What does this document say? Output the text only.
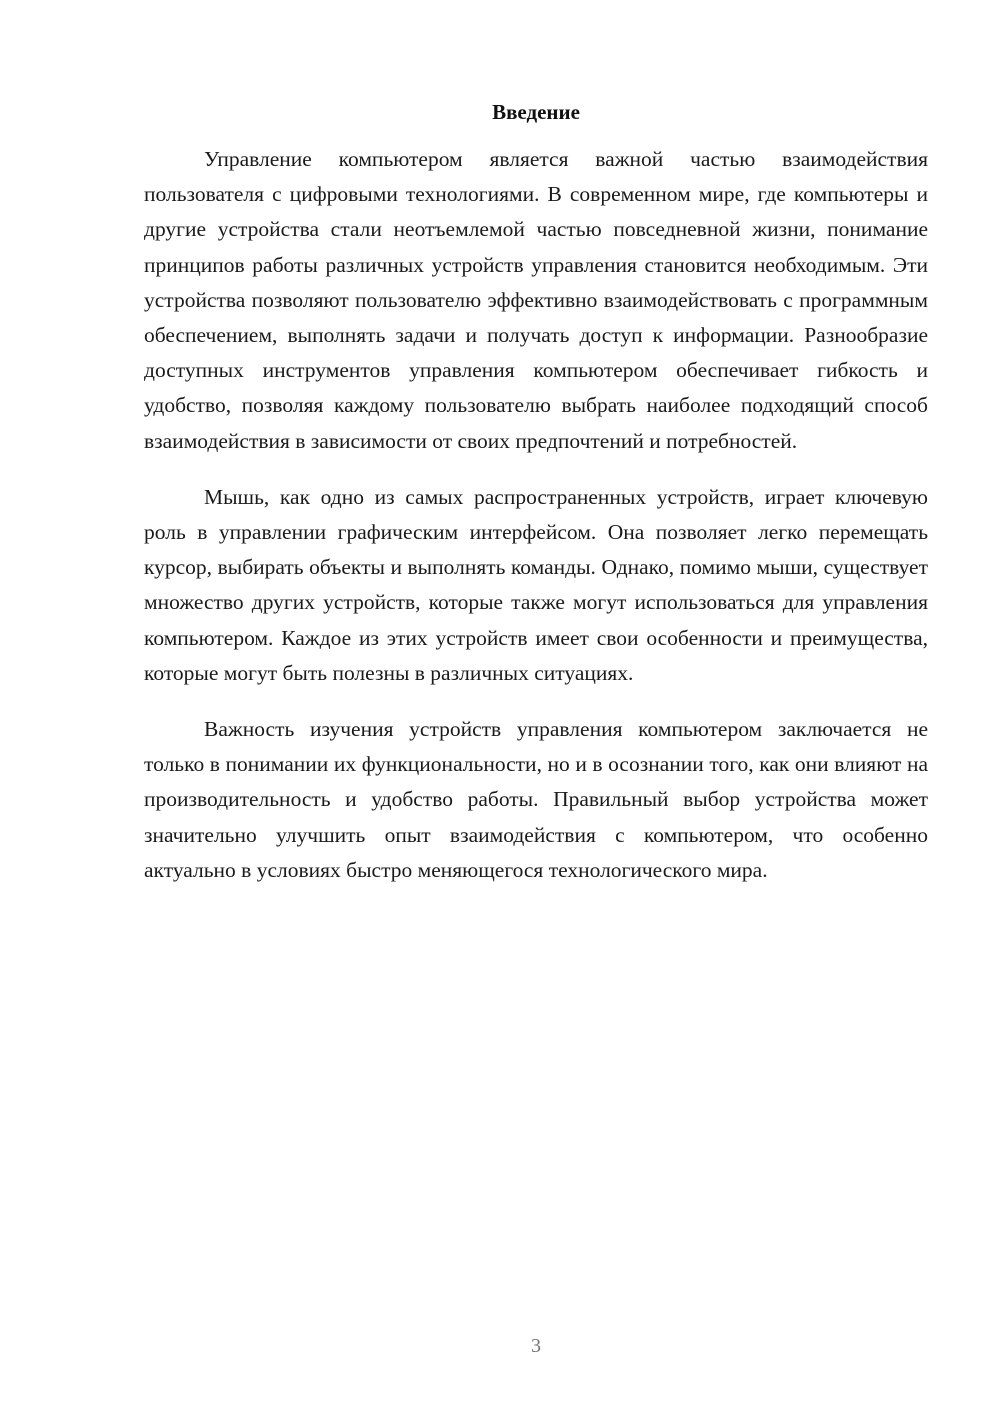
Введение

Управление компьютером является важной частью взаимодействия пользователя с цифровыми технологиями. В современном мире, где компьютеры и другие устройства стали неотъемлемой частью повседневной жизни, понимание принципов работы различных устройств управления становится необходимым. Эти устройства позволяют пользователю эффективно взаимодействовать с программным обеспечением, выполнять задачи и получать доступ к информации. Разнообразие доступных инструментов управления компьютером обеспечивает гибкость и удобство, позволяя каждому пользователю выбрать наиболее подходящий способ взаимодействия в зависимости от своих предпочтений и потребностей.

Мышь, как одно из самых распространенных устройств, играет ключевую роль в управлении графическим интерфейсом. Она позволяет легко перемещать курсор, выбирать объекты и выполнять команды. Однако, помимо мыши, существует множество других устройств, которые также могут использоваться для управления компьютером. Каждое из этих устройств имеет свои особенности и преимущества, которые могут быть полезны в различных ситуациях.

Важность изучения устройств управления компьютером заключается не только в понимании их функциональности, но и в осознании того, как они влияют на производительность и удобство работы. Правильный выбор устройства может значительно улучшить опыт взаимодействия с компьютером, что особенно актуально в условиях быстро меняющегося технологического мира.

3
